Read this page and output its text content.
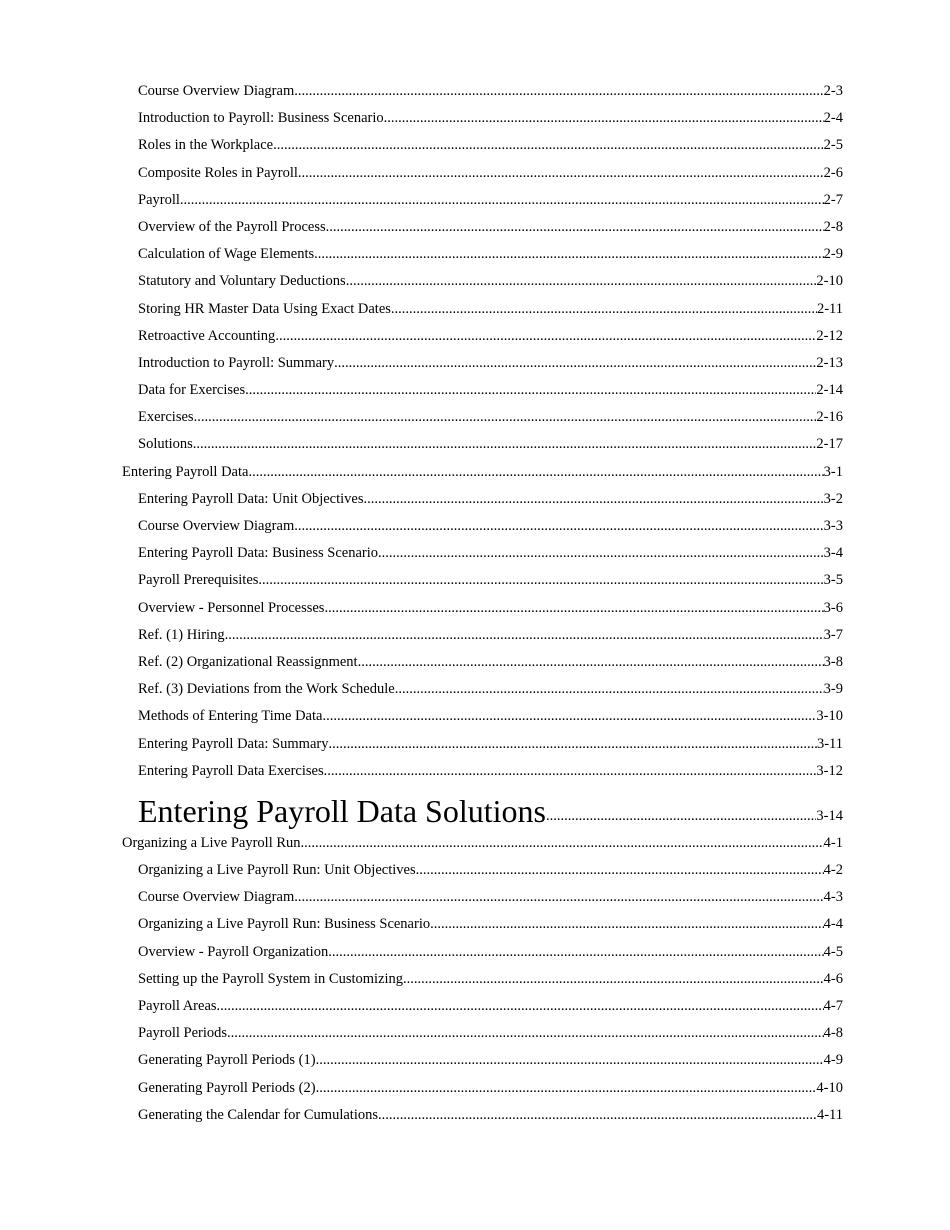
Course Overview Diagram .....	2-3
Introduction to Payroll: Business Scenario .....	2-4
Roles in the Workplace .....	2-5
Composite Roles in Payroll .....	2-6
Payroll .....	2-7
Overview of the Payroll Process .....	2-8
Calculation of Wage Elements .....	2-9
Statutory and Voluntary Deductions .....	2-10
Storing HR Master Data Using Exact Dates .....	2-11
Retroactive Accounting .....	2-12
Introduction to Payroll: Summary .....	2-13
Data for Exercises .....	2-14
Exercises .....	2-16
Solutions .....	2-17
Entering Payroll Data .....	3-1
Entering Payroll Data: Unit Objectives .....	3-2
Course Overview Diagram .....	3-3
Entering Payroll Data: Business Scenario .....	3-4
Payroll Prerequisites .....	3-5
Overview - Personnel Processes .....	3-6
Ref. (1) Hiring .....	3-7
Ref. (2) Organizational Reassignment .....	3-8
Ref. (3) Deviations from the Work Schedule .....	3-9
Methods of Entering Time Data .....	3-10
Entering Payroll Data: Summary .....	3-11
Entering Payroll Data Exercises .....	3-12
Entering Payroll Data Solutions .....	3-14
Organizing a Live Payroll Run .....	4-1
Organizing a Live Payroll Run: Unit Objectives .....	4-2
Course Overview Diagram .....	4-3
Organizing a Live Payroll Run: Business Scenario .....	4-4
Overview - Payroll Organization .....	4-5
Setting up the Payroll System in Customizing .....	4-6
Payroll Areas .....	4-7
Payroll Periods .....	4-8
Generating Payroll Periods (1) .....	4-9
Generating Payroll Periods (2) .....	4-10
Generating the Calendar for Cumulations .....	4-11
